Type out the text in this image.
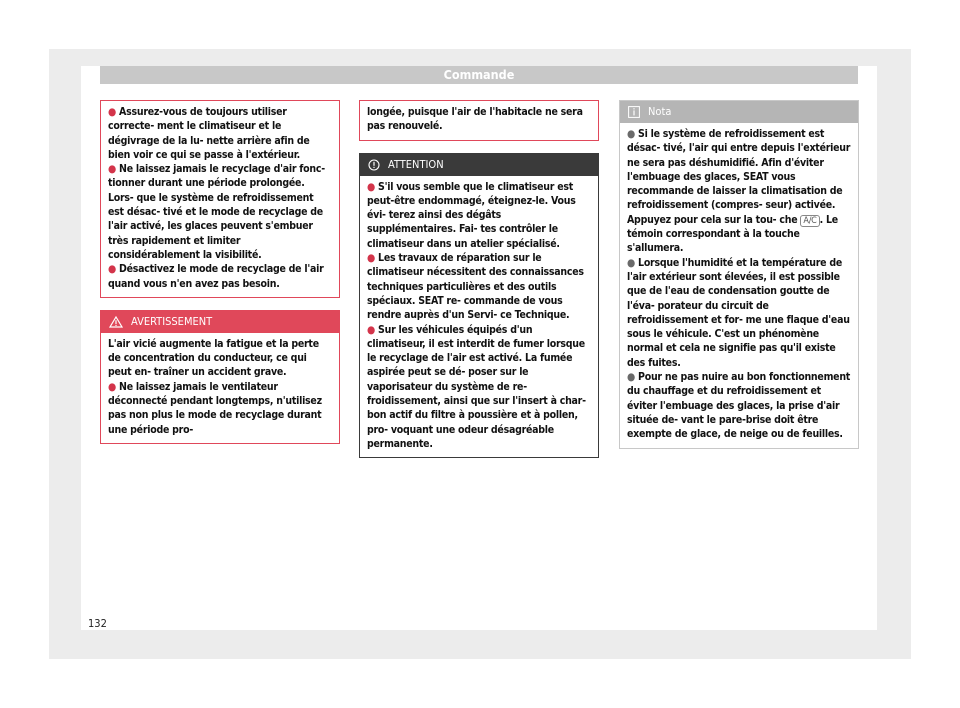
Commande

● Assurez-vous de toujours utiliser correcte- ment le climatiseur et le dégivrage de la lu- nette arrière afin de bien voir ce qui se passe à l'extérieur.

● Ne laissez jamais le recyclage d'air fonc- tionner durant une période prolongée. Lors- que le système de refroidissement est désac- tivé et le mode de recyclage de l'air activé, les glaces peuvent s'embuer très rapidement et limiter considérablement la visibilité.

● Désactivez le mode de recyclage de l'air quand vous n'en avez pas besoin.

AVERTISSEMENT

L'air vicié augmente la fatigue et la perte de concentration du conducteur, ce qui peut en- traîner un accident grave.

● Ne laissez jamais le ventilateur déconnecté pendant longtemps, n'utilisez pas non plus le mode de recyclage durant une période pro-

longée, puisque l'air de l'habitacle ne sera pas renouvelé.

ATTENTION

● S'il vous semble que le climatiseur est peut-être endommagé, éteignez-le. Vous évi- terez ainsi des dégâts supplémentaires. Fai- tes contrôler le climatiseur dans un atelier spécialisé.

● Les travaux de réparation sur le climatiseur nécessitent des connaissances techniques particulières et des outils spéciaux. SEAT re- commande de vous rendre auprès d'un Servi- ce Technique.

● Sur les véhicules équipés d'un climatiseur, il est interdit de fumer lorsque le recyclage de l'air est activé. La fumée aspirée peut se dé- poser sur le vaporisateur du système de re- froidissement, ainsi que sur l'insert à char- bon actif du filtre à poussière et à pollen, pro- voquant une odeur désagréable permanente.

Nota

● Si le système de refroidissement est désac- tivé, l'air qui entre depuis l'extérieur ne sera pas déshumidifié. Afin d'éviter l'embuage des glaces, SEAT vous recommande de laisser la climatisation de refroidissement (compres- seur) activée. Appuyez pour cela sur la tou- che A/C . Le témoin correspondant à la touche s'allumera.

● Lorsque l'humidité et la température de l'air extérieur sont élevées, il est possible que de l'eau de condensation goutte de l'éva- porateur du circuit de refroidissement et for- me une flaque d'eau sous le véhicule. C'est un phénomène normal et cela ne signifie pas qu'il existe des fuites.

● Pour ne pas nuire au bon fonctionnement du chauffage et du refroidissement et éviter l'embuage des glaces, la prise d'air située de- vant le pare-brise doit être exempte de glace, de neige ou de feuilles.

132
